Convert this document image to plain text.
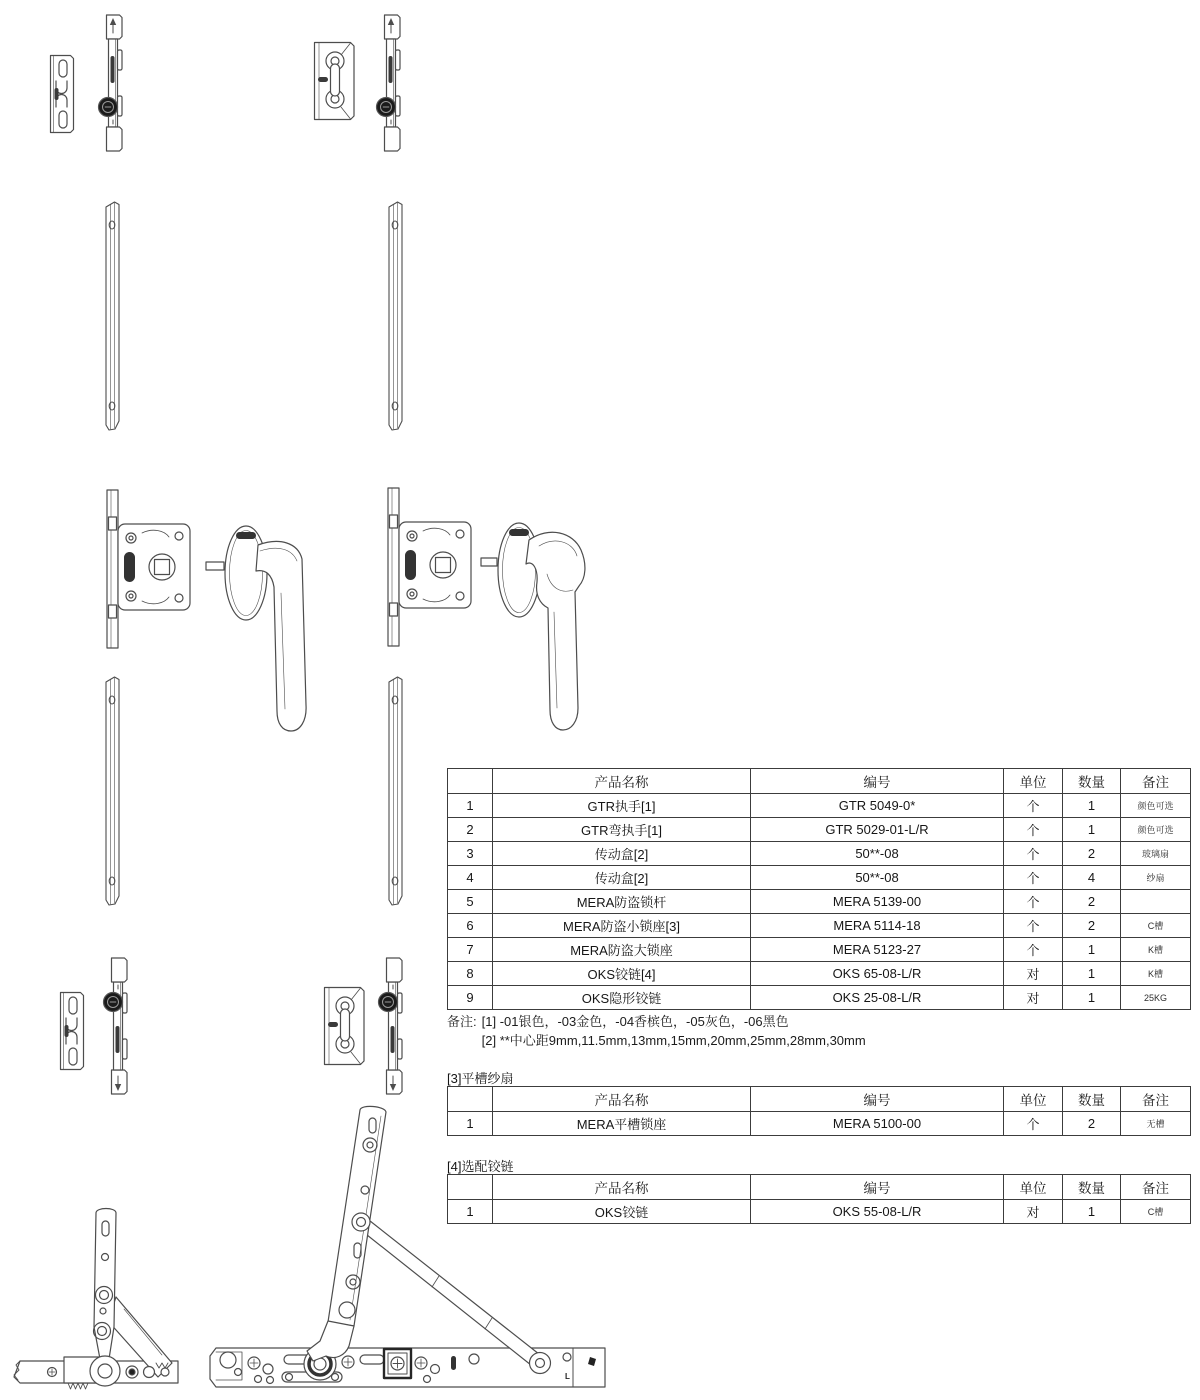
L
	产品名称	编号	单位	数量	备注
1	GTR执手[1]	GTR 5049-0*	个	1	颜色可选
2	GTR弯执手[1]	GTR 5029-01-L/R	个	1	颜色可选
3	传动盒[2]	50**-08	个	2	玻璃扇
4	传动盒[2]	50**-08	个	4	纱扇
5	MERA防盗锁杆	MERA 5139-00	个	2	
6	MERA防盗小锁座[3]	MERA 5114-18	个	2	C槽
7	MERA防盗大锁座	MERA 5123-27	个	1	K槽
8	OKS铰链[4]	OKS 65-08-L/R	对	1	K槽
9	OKS隐形铰链	OKS 25-08-L/R	对	1	25KG
备注: [1] -01银色，-03金色，-04香槟色，-05灰色，-06黑色
[2] **中心距9mm,11.5mm,13mm,15mm,20mm,25mm,28mm,30mm
[3]平槽纱扇
	产品名称	编号	单位	数量	备注
1	MERA平槽锁座	MERA 5100-00	个	2	无槽
[4]选配铰链
	产品名称	编号	单位	数量	备注
1	OKS铰链	OKS 55-08-L/R	对	1	C槽
